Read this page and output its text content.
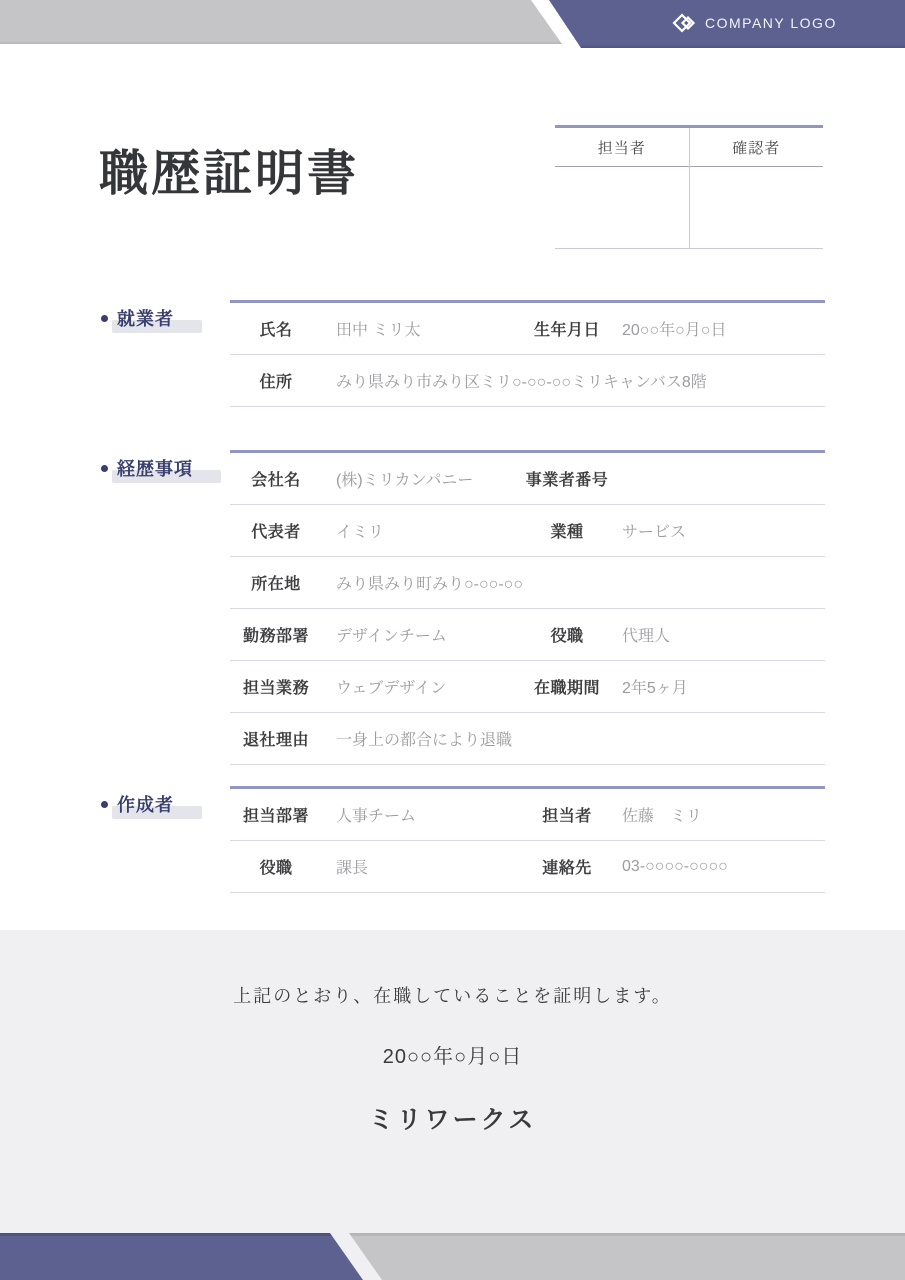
COMPANY LOGO
職歴証明書	担当者	確認者
就業者
氏名	田中 ミリ太	生年月日	20○○年○月○日
住所	みり県みり市みり区ミリ○-○○-○○ミリキャンバス8階
経歴事項
会社名	(株)ミリカンパニー	事業者番号
代表者	イミリ	業種	サービス
所在地	みり県みり町みり○-○○-○○
勤務部署	デザインチーム	役職	代理人
担当業務	ウェブデザイン	在職期間	2年5ヶ月
退社理由	一身上の都合により退職
作成者
担当部署	人事チーム	担当者	佐藤　ミリ
役職	課長	連絡先	03-○○○○-○○○○

上記のとおり、在職していることを証明します。

20○○年○月○日

ミリワークス
